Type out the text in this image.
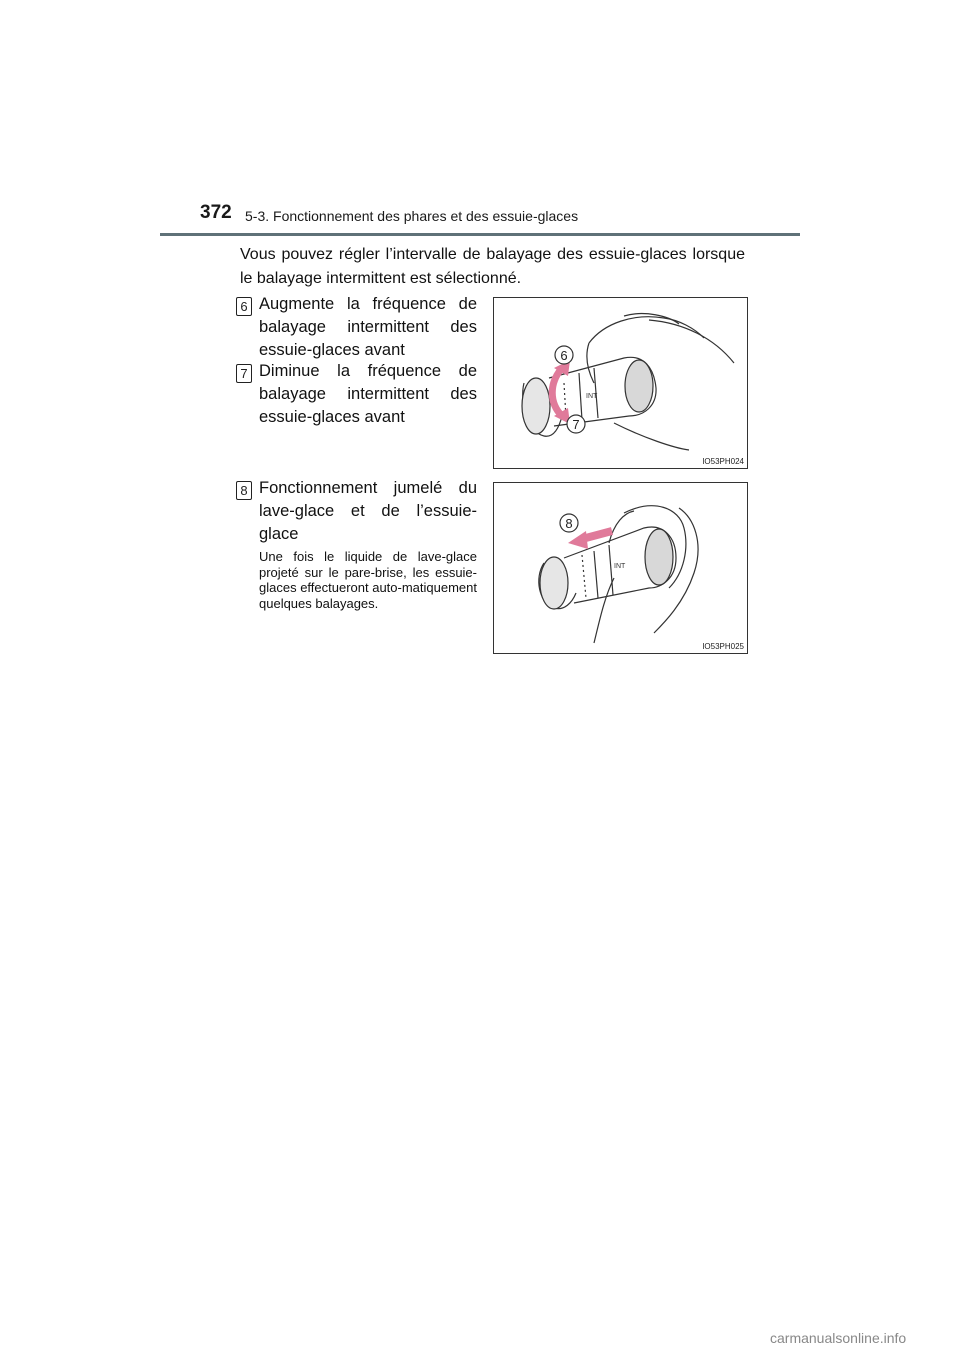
372 5-3. Fonctionnement des phares et des essuie-glaces
Vous pouvez régler l’intervalle de balayage des essuie-glaces lorsque le balayage intermittent est sélectionné.
6 Augmente la fréquence de balayage intermittent des essuie-glaces avant
7 Diminue la fréquence de balayage intermittent des essuie-glaces avant
8 Fonctionnement jumelé du lave-glace et de l’essuie-glace
Une fois le liquide de lave-glace projeté sur le pare-brise, les essuie-glaces effectueront auto-matiquement quelques balayages.
INT
6
7
IO53PH024
INT
8
IO53PH025
carmanualsonline.info
